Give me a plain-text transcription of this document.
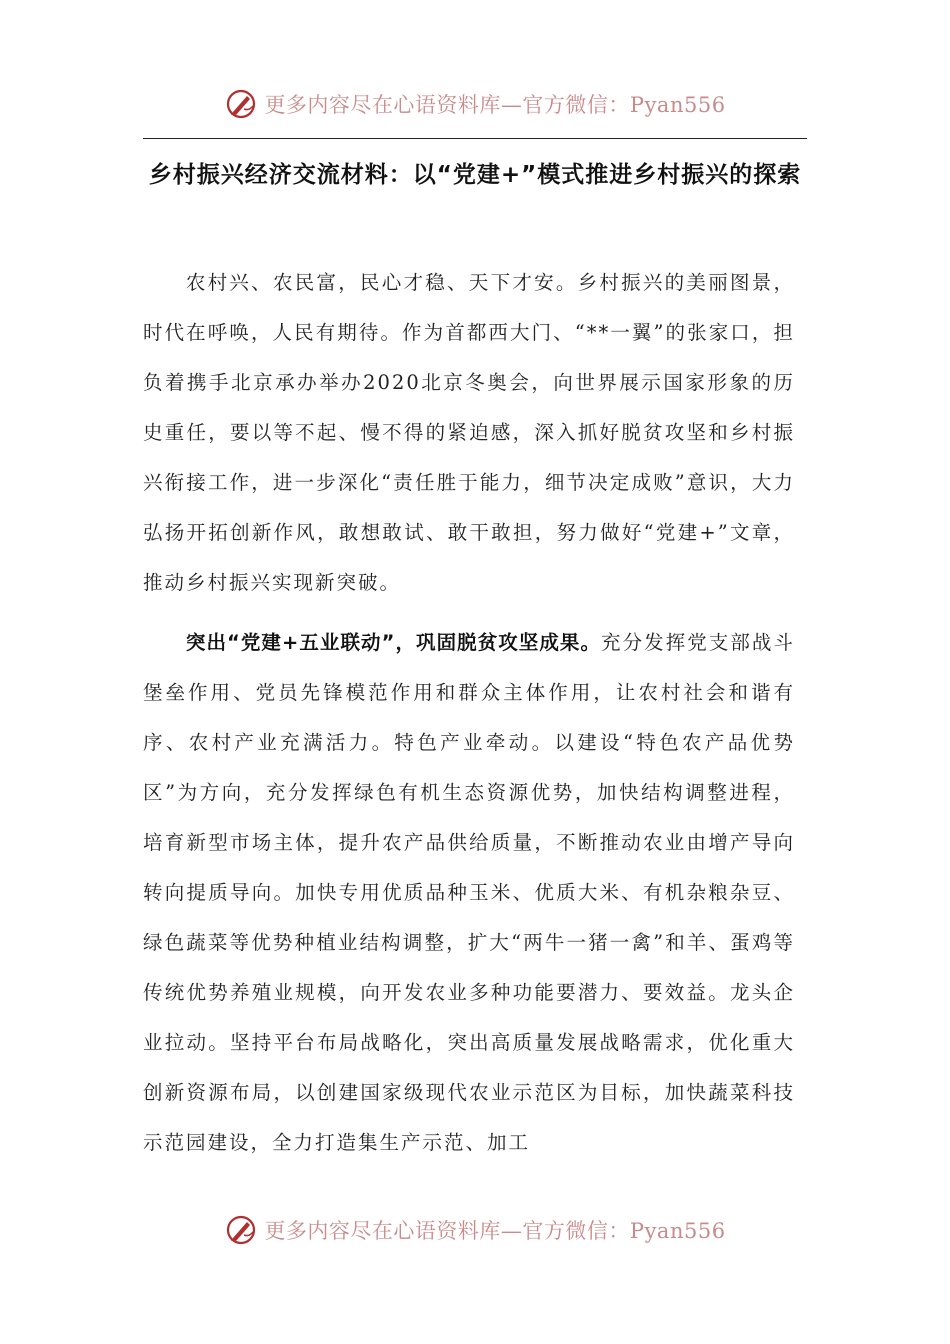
更多内容尽在心语资料库—官方微信：Pyan556
乡村振兴经济交流材料：以“党建+”模式推进乡村振兴的探索

农村兴、农民富，民心才稳、天下才安。乡村振兴的美丽图景，时代在呼唤，人民有期待。作为首都西大门、“**一翼”的张家口，担负着携手北京承办举办2020北京冬奥会，向世界展示国家形象的历史重任，要以等不起、慢不得的紧迫感，深入抓好脱贫攻坚和乡村振兴衔接工作，进一步深化“责任胜于能力，细节决定成败”意识，大力弘扬开拓创新作风，敢想敢试、敢干敢担，努力做好“党建+”文章，推动乡村振兴实现新突破。

突出“党建+五业联动”，巩固脱贫攻坚成果。充分发挥党支部战斗堡垒作用、党员先锋模范作用和群众主体作用，让农村社会和谐有序、农村产业充满活力。特色产业牵动。以建设“特色农产品优势区”为方向，充分发挥绿色有机生态资源优势，加快结构调整进程，培育新型市场主体，提升农产品供给质量，不断推动农业由增产导向转向提质导向。加快专用优质品种玉米、优质大米、有机杂粮杂豆、绿色蔬菜等优势种植业结构调整，扩大“两牛一猪一禽”和羊、蛋鸡等传统优势养殖业规模，向开发农业多种功能要潜力、要效益。龙头企业拉动。坚持平台布局战略化，突出高质量发展战略需求，优化重大创新资源布局，以创建国家级现代农业示范区为目标，加快蔬菜科技示范园建设，全力打造集生产示范、加工

更多内容尽在心语资料库—官方微信：Pyan556
